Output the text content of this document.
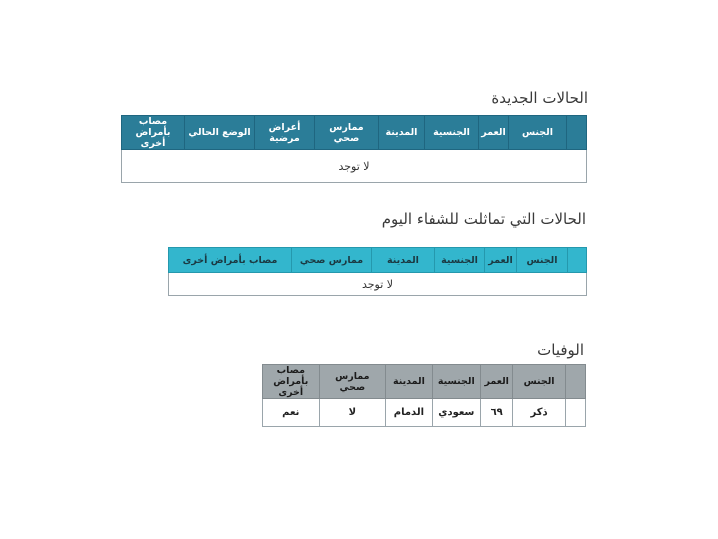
الحالات الجديدة
	الجنس	العمر	الجنسية	المدينة	ممارس صحي	أعراض مرضية	الوضع الحالي	مصاب بأمراض أخرى
لا توجد
الحالات التي تماثلت للشفاء اليوم
	الجنس	العمر	الجنسية	المدينة	ممارس صحي	مصاب بأمراض أخرى
لا توجد
الوفيات
	الجنس	العمر	الجنسية	المدينة	ممارس صحي	مصاب بأمراض أخرى
	ذكر	٦٩	سعودي	الدمام	لا	نعم
